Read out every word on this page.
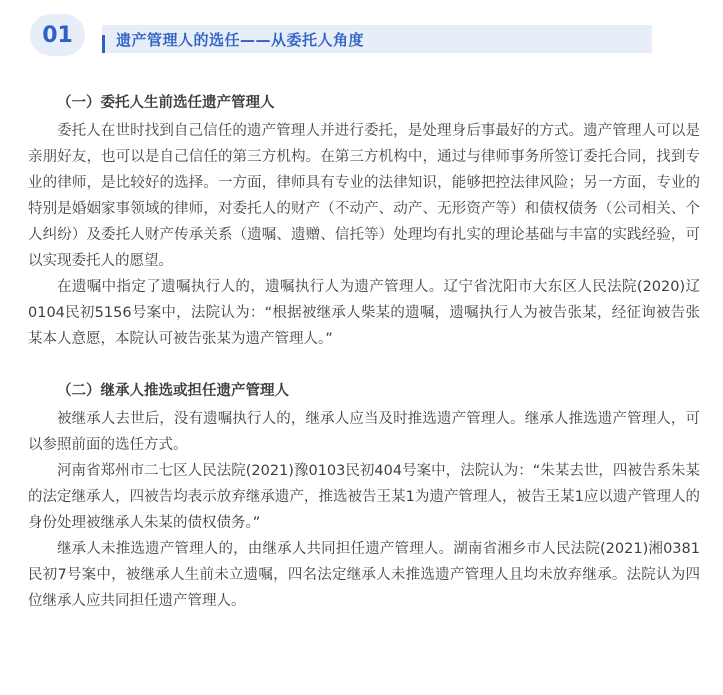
01	遗产管理人的选任——从委托人角度
（一）委托人生前选任遗产管理人

委托人在世时找到自己信任的遗产管理人并进行委托，是处理身后事最好的方式。遗产管理人可以是亲朋好友，也可以是自己信任的第三方机构。在第三方机构中，通过与律师事务所签订委托合同，找到专业的律师，是比较好的选择。一方面，律师具有专业的法律知识，能够把控法律风险；另一方面，专业的特别是婚姻家事领域的律师，对委托人的财产（不动产、动产、无形资产等）和债权债务（公司相关、个人纠纷）及委托人财产传承关系（遗嘱、遗赠、信托等）处理均有扎实的理论基础与丰富的实践经验，可以实现委托人的愿望。

在遗嘱中指定了遗嘱执行人的，遗嘱执行人为遗产管理人。辽宁省沈阳市大东区人民法院(2020)辽0104民初5156号案中，法院认为：“根据被继承人柴某的遗嘱，遗嘱执行人为被告张某，经征询被告张某本人意愿，本院认可被告张某为遗产管理人。”

（二）继承人推选或担任遗产管理人

被继承人去世后，没有遗嘱执行人的，继承人应当及时推选遗产管理人。继承人推选遗产管理人，可以参照前面的选任方式。

河南省郑州市二七区人民法院(2021)豫0103民初404号案中，法院认为：“朱某去世，四被告系朱某的法定继承人，四被告均表示放弃继承遗产，推选被告王某1为遗产管理人，被告王某1应以遗产管理人的身份处理被继承人朱某的债权债务。”

继承人未推选遗产管理人的，由继承人共同担任遗产管理人。湖南省湘乡市人民法院(2021)湘0381民初7号案中，被继承人生前未立遗嘱，四名法定继承人未推选遗产管理人且均未放弃继承。法院认为四位继承人应共同担任遗产管理人。
